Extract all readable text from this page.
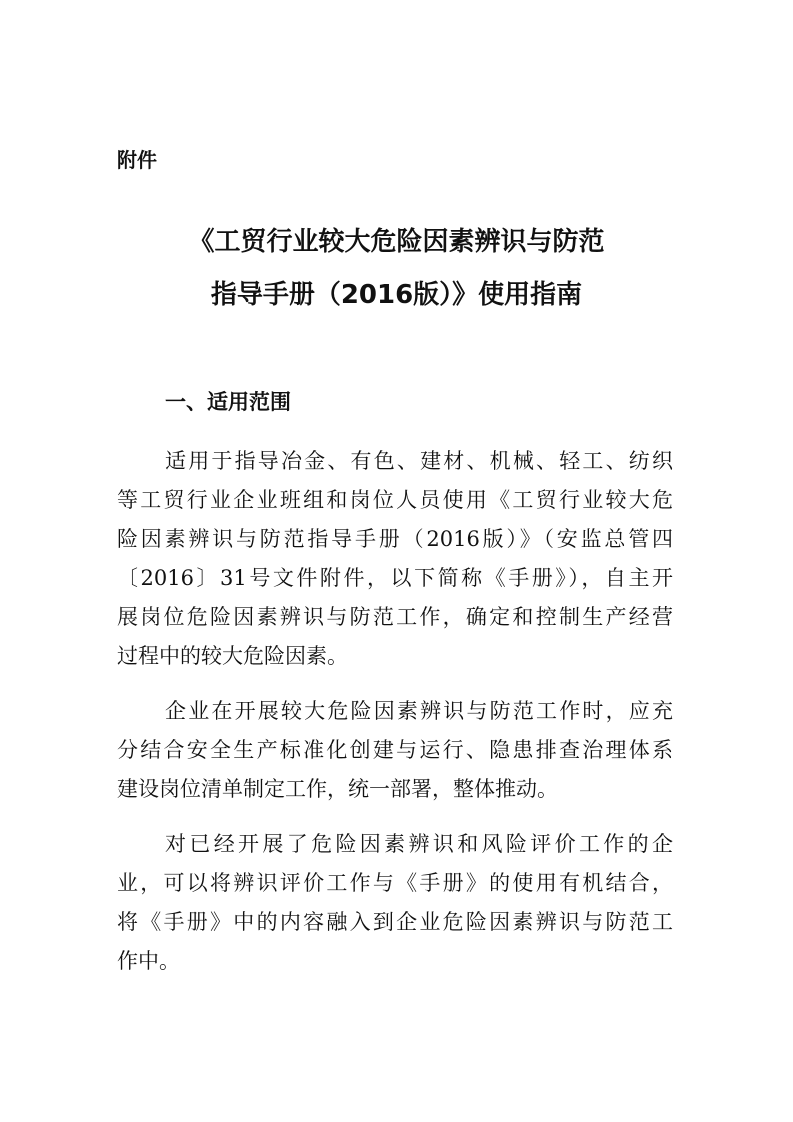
附件
《工贸行业较大危险因素辨识与防范
指导手册（2016版）》使用指南
一、适用范围
适用于指导冶金、有色、建材、机械、轻工、纺织
等工贸行业企业班组和岗位人员使用《工贸行业较大危
险因素辨识与防范指导手册（2016版）》（安监总管四
〔2016〕31号文件附件，以下简称《手册》），自主开
展岗位危险因素辨识与防范工作，确定和控制生产经营
过程中的较大危险因素。
企业在开展较大危险因素辨识与防范工作时，应充
分结合安全生产标准化创建与运行、隐患排查治理体系
建设岗位清单制定工作，统一部署，整体推动。
对已经开展了危险因素辨识和风险评价工作的企
业，可以将辨识评价工作与《手册》的使用有机结合，
将《手册》中的内容融入到企业危险因素辨识与防范工
作中。
